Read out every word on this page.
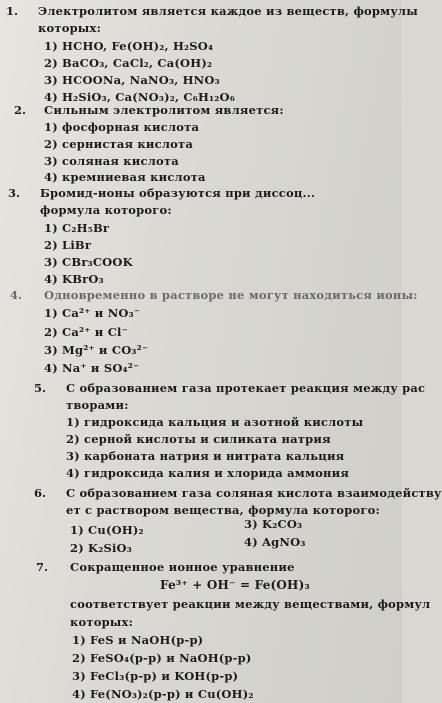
1. Электролитом является каждое из веществ, формулы
которых:
1) HCHO, Fe(OH)₂, H₂SO₄
2) BaCO₃, CaCl₂, Ca(OH)₂
3) HCOONa, NaNO₃, HNO₃
4) H₂SiO₃, Ca(NO₃)₂, C₆H₁₂O₆
2. Сильным электролитом является:
1) фосфорная кислота
2) сернистая кислота
3) соляная кислота
4) кремниевая кислота
3. Бромид-ионы образуются при диссоц...
формула которого:
1) C₂H₅Br
2) LiBr
3) CBr₃COOK
4) KBrO₃
4. Одновременно в растворе не могут находиться ионы:
1) Ca²⁺ и NO₃⁻
2) Ca²⁺ и Cl⁻
3) Mg²⁺ и CO₃²⁻
4) Na⁺ и SO₄²⁻
5. С образованием газа протекает реакция между рас
творами:
1) гидроксида кальция и азотной кислоты
2) серной кислоты и силиката натрия
3) карбоната натрия и нитрата кальция
4) гидроксида калия и хлорида аммония
6. С образованием газа соляная кислота взаимодейству
ет с раствором вещества, формула которого:
1) Cu(OH)₂
2) K₂SiO₃
3) K₂CO₃
4) AgNO₃
7. Сокращенное ионное уравнение
Fe³⁺ + OH⁻ = Fe(OH)₃
соответствует реакции между веществами, формул
которых:
1) FeS и NaOH(р-р)
2) FeSO₄(р-р) и NaOH(р-р)
3) FeCl₃(р-р) и KOH(р-р)
4) Fe(NO₃)₂(р-р) и Cu(OH)₂
